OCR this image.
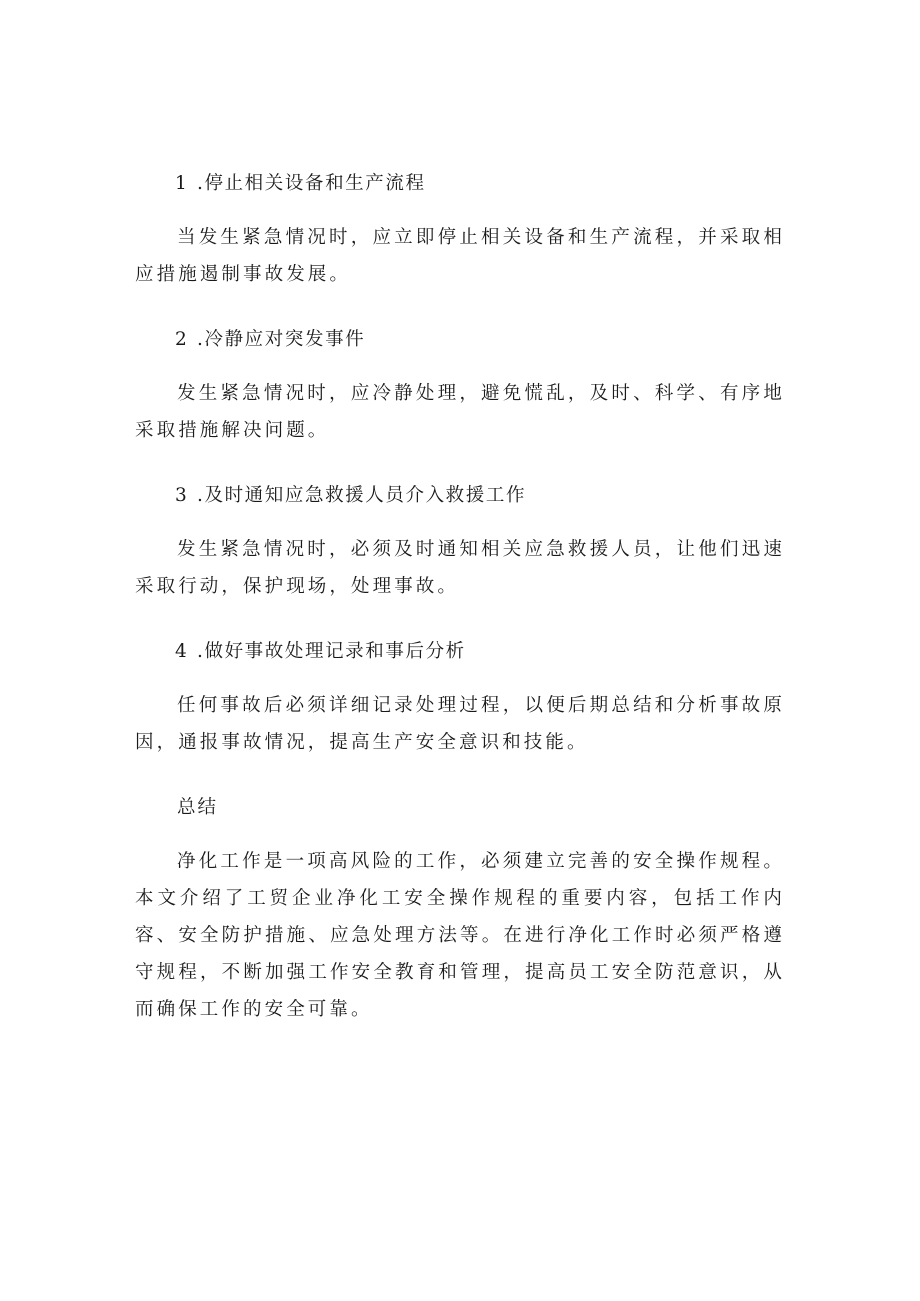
1 .停止相关设备和生产流程

当发生紧急情况时，应立即停止相关设备和生产流程，并采取相应措施遏制事故发展。

2 .冷静应对突发事件

发生紧急情况时，应冷静处理，避免慌乱，及时、科学、有序地采取措施解决问题。

3 .及时通知应急救援人员介入救援工作

发生紧急情况时，必须及时通知相关应急救援人员，让他们迅速采取行动，保护现场，处理事故。

4 .做好事故处理记录和事后分析

任何事故后必须详细记录处理过程，以便后期总结和分析事故原因，通报事故情况，提高生产安全意识和技能。

总结

净化工作是一项高风险的工作，必须建立完善的安全操作规程。本文介绍了工贸企业净化工安全操作规程的重要内容，包括工作内容、安全防护措施、应急处理方法等。在进行净化工作时必须严格遵守规程，不断加强工作安全教育和管理，提高员工安全防范意识，从而确保工作的安全可靠。
